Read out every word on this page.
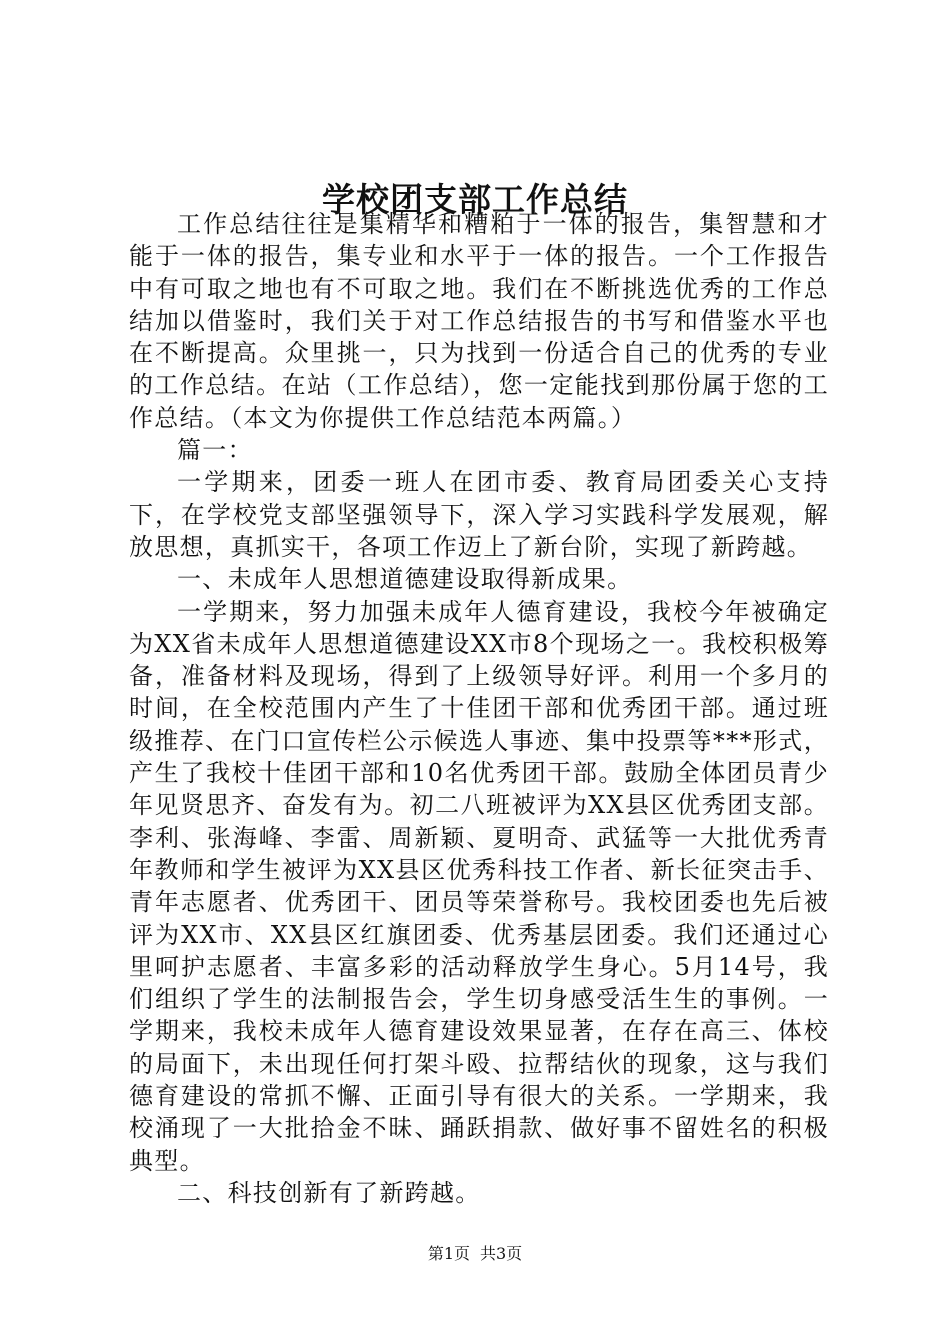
学校团支部工作总结

工作总结往往是集精华和糟粕于一体的报告，集智慧和才能于一体的报告，集专业和水平于一体的报告。一个工作报告中有可取之地也有不可取之地。我们在不断挑选优秀的工作总结加以借鉴时，我们关于对工作总结报告的书写和借鉴水平也在不断提高。众里挑一，只为找到一份适合自己的优秀的专业的工作总结。在站（工作总结），您一定能找到那份属于您的工作总结。（本文为你提供工作总结范本两篇。）

篇一：

一学期来，团委一班人在团市委、教育局团委关心支持下，在学校党支部坚强领导下，深入学习实践科学发展观，解放思想，真抓实干，各项工作迈上了新台阶，实现了新跨越。

一、未成年人思想道德建设取得新成果。

一学期来，努力加强未成年人德育建设，我校今年被确定为XX省未成年人思想道德建设XX市8个现场之一。我校积极筹备，准备材料及现场，得到了上级领导好评。利用一个多月的时间，在全校范围内产生了十佳团干部和优秀团干部。通过班级推荐、在门口宣传栏公示候选人事迹、集中投票等***形式，产生了我校十佳团干部和10名优秀团干部。鼓励全体团员青少年见贤思齐、奋发有为。初二八班被评为XX县区优秀团支部。李利、张海峰、李雷、周新颖、夏明奇、武猛等一大批优秀青年教师和学生被评为XX县区优秀科技工作者、新长征突击手、青年志愿者、优秀团干、团员等荣誉称号。我校团委也先后被评为XX市、XX县区红旗团委、优秀基层团委。我们还通过心里呵护志愿者、丰富多彩的活动释放学生身心。5月14号，我们组织了学生的法制报告会，学生切身感受活生生的事例。一学期来，我校未成年人德育建设效果显著，在存在高三、体校的局面下，未出现任何打架斗殴、拉帮结伙的现象，这与我们德育建设的常抓不懈、正面引导有很大的关系。一学期来，我校涌现了一大批拾金不昧、踊跃捐款、做好事不留姓名的积极典型。

二、科技创新有了新跨越。

第1页 共3页
